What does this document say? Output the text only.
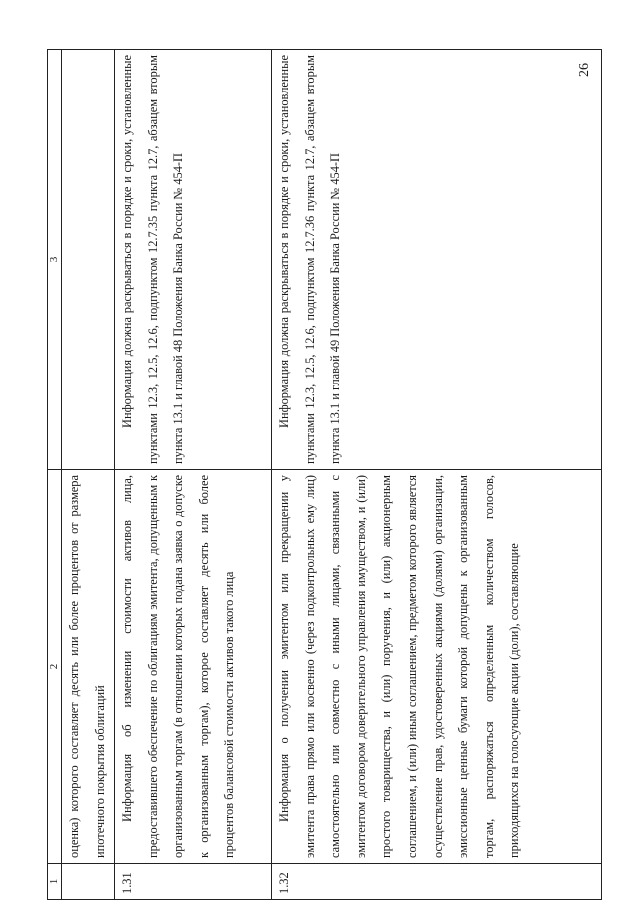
1	2	3

	оценка) которого составляет десять или более процентов от размера ипотечного покрытия облигаций	

1.31	Информация об изменении стоимости активов лица, предоставившего обеспечение по облигациям эмитента, допущенным к организованным торгам (в отношении которых подана заявка о допуске к организованным торгам), которое составляет десять или более процентов балансовой стоимости активов такого лица	Информация должна раскрываться в порядке и сроки, установленные пунктами 12.3, 12.5, 12.6, подпунктом 12.7.35 пункта 12.7, абзацем вторым пункта 13.1 и главой 48 Положения Банка России № 454-П

1.32	Информация о получении эмитентом или прекращении у эмитента права прямо или косвенно (через подконтрольных ему лиц) самостоятельно или совместно с иными лицами, связанными с эмитентом договором доверительного управления имуществом, и (или) простого товарищества, и (или) поручения, и (или) акционерным соглашением, и (или) иным соглашением, предметом которого является осуществление прав, удостоверенных акциями (долями) организации, эмиссионные ценные бумаги которой допущены к организованным торгам, распоряжаться определенным количеством голосов, приходящихся на голосующие акции (доли), составляющие	Информация должна раскрываться в порядке и сроки, установленные пунктами 12.3, 12.5, 12.6, подпунктом 12.7.36 пункта 12.7, абзацем вторым пункта 13.1 и главой 49 Положения Банка России № 454-П

26
